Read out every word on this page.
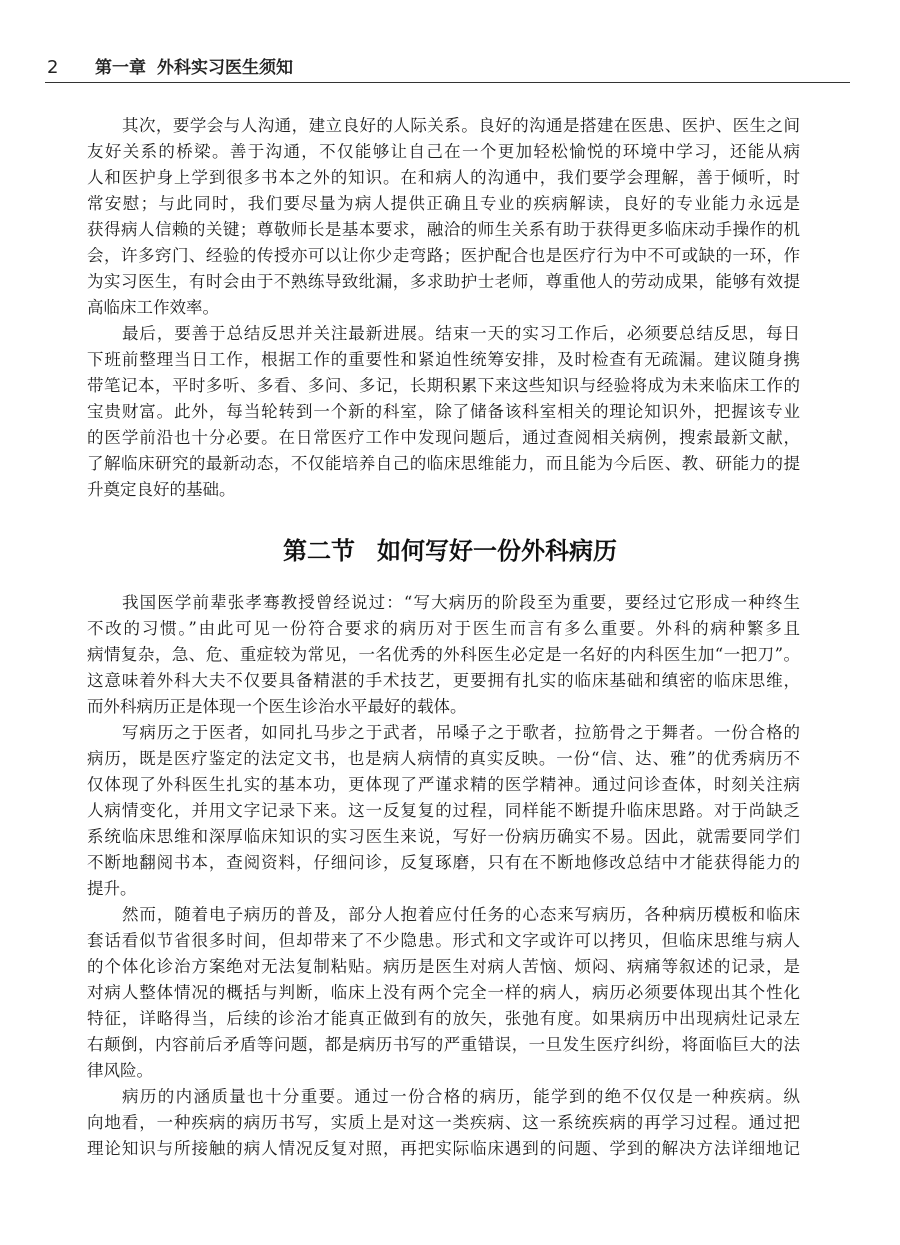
2 第一章 外科实习医生须知
其次，要学会与人沟通，建立良好的人际关系。良好的沟通是搭建在医患、医护、医生之间
友好关系的桥梁。善于沟通，不仅能够让自己在一个更加轻松愉悦的环境中学习，还能从病
人和医护身上学到很多书本之外的知识。在和病人的沟通中，我们要学会理解，善于倾听，时
常安慰；与此同时，我们要尽量为病人提供正确且专业的疾病解读，良好的专业能力永远是
获得病人信赖的关键；尊敬师长是基本要求，融洽的师生关系有助于获得更多临床动手操作的机
会，许多窍门、经验的传授亦可以让你少走弯路；医护配合也是医疗行为中不可或缺的一环，作
为实习医生，有时会由于不熟练导致纰漏，多求助护士老师，尊重他人的劳动成果，能够有效提
高临床工作效率。
最后，要善于总结反思并关注最新进展。结束一天的实习工作后，必须要总结反思，每日
下班前整理当日工作，根据工作的重要性和紧迫性统筹安排，及时检查有无疏漏。建议随身携
带笔记本，平时多听、多看、多问、多记，长期积累下来这些知识与经验将成为未来临床工作的
宝贵财富。此外，每当轮转到一个新的科室，除了储备该科室相关的理论知识外，把握该专业
的医学前沿也十分必要。在日常医疗工作中发现问题后，通过查阅相关病例，搜索最新文献，
了解临床研究的最新动态，不仅能培养自己的临床思维能力，而且能为今后医、教、研能力的提
升奠定良好的基础。
第二节 如何写好一份外科病历
我国医学前辈张孝骞教授曾经说过：“写大病历的阶段至为重要，要经过它形成一种终生
不改的习惯。”由此可见一份符合要求的病历对于医生而言有多么重要。外科的病种繁多且
病情复杂，急、危、重症较为常见，一名优秀的外科医生必定是一名好的内科医生加“一把刀”。
这意味着外科大夫不仅要具备精湛的手术技艺，更要拥有扎实的临床基础和缜密的临床思维，
而外科病历正是体现一个医生诊治水平最好的载体。
写病历之于医者，如同扎马步之于武者，吊嗓子之于歌者，拉筋骨之于舞者。一份合格的
病历，既是医疗鉴定的法定文书，也是病人病情的真实反映。一份“信、达、雅”的优秀病历不
仅体现了外科医生扎实的基本功，更体现了严谨求精的医学精神。通过问诊查体，时刻关注病
人病情变化，并用文字记录下来。这一反复复的过程，同样能不断提升临床思路。对于尚缺乏
系统临床思维和深厚临床知识的实习医生来说，写好一份病历确实不易。因此，就需要同学们
不断地翻阅书本，查阅资料，仔细问诊，反复琢磨，只有在不断地修改总结中才能获得能力的
提升。
然而，随着电子病历的普及，部分人抱着应付任务的心态来写病历，各种病历模板和临床
套话看似节省很多时间，但却带来了不少隐患。形式和文字或许可以拷贝，但临床思维与病人
的个体化诊治方案绝对无法复制粘贴。病历是医生对病人苦恼、烦闷、病痛等叙述的记录，是
对病人整体情况的概括与判断，临床上没有两个完全一样的病人，病历必须要体现出其个性化
特征，详略得当，后续的诊治才能真正做到有的放矢，张弛有度。如果病历中出现病灶记录左
右颠倒，内容前后矛盾等问题，都是病历书写的严重错误，一旦发生医疗纠纷，将面临巨大的法
律风险。
病历的内涵质量也十分重要。通过一份合格的病历，能学到的绝不仅仅是一种疾病。纵
向地看，一种疾病的病历书写，实质上是对这一类疾病、这一系统疾病的再学习过程。通过把
理论知识与所接触的病人情况反复对照，再把实际临床遇到的问题、学到的解决方法详细地记
